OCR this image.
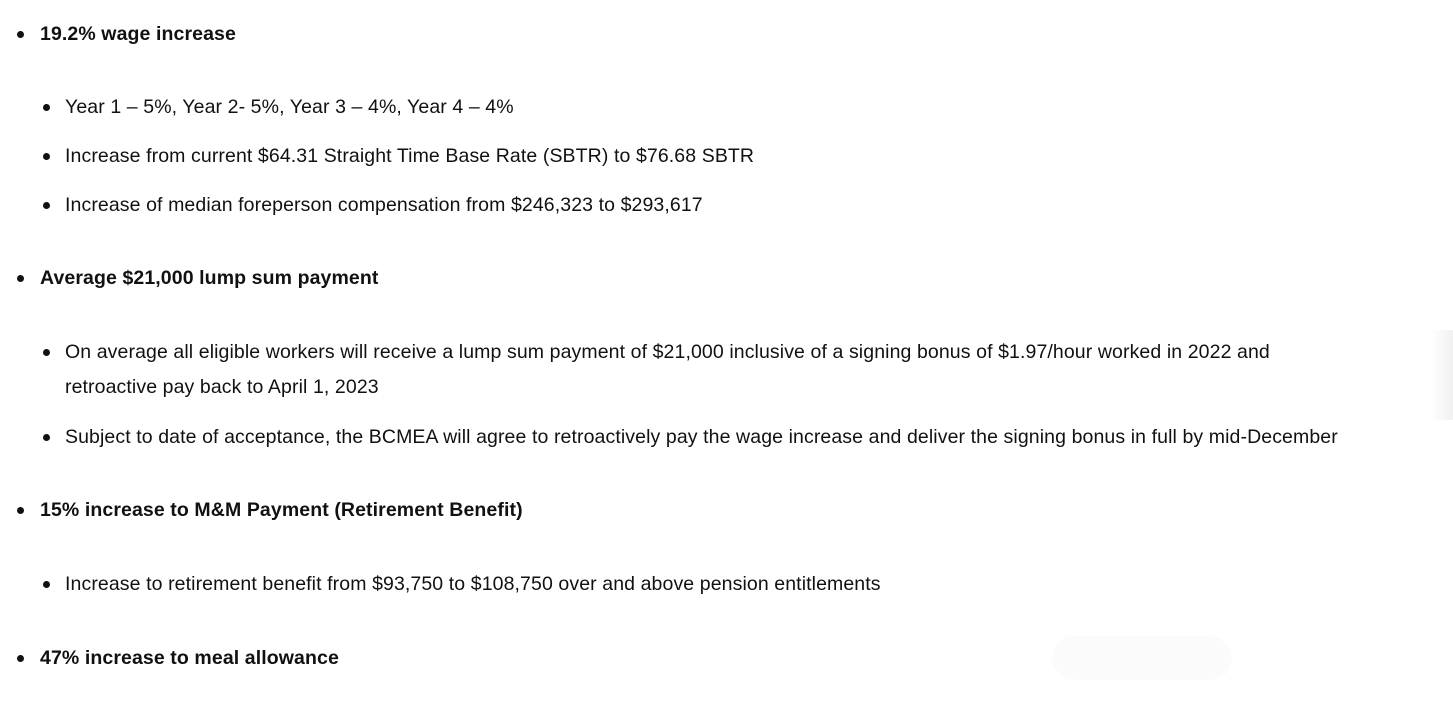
19.2% wage increase
Year 1 – 5%, Year 2- 5%, Year 3 – 4%, Year 4 – 4%
Increase from current $64.31 Straight Time Base Rate (SBTR) to $76.68 SBTR
Increase of median foreperson compensation from $246,323 to $293,617
Average $21,000 lump sum payment
On average all eligible workers will receive a lump sum payment of $21,000 inclusive of a signing bonus of $1.97/hour worked in 2022 and
retroactive pay back to April 1, 2023
Subject to date of acceptance, the BCMEA will agree to retroactively pay the wage increase and deliver the signing bonus in full by mid-December
15% increase to M&M Payment (Retirement Benefit)
Increase to retirement benefit from $93,750 to $108,750 over and above pension entitlements
47% increase to meal allowance
